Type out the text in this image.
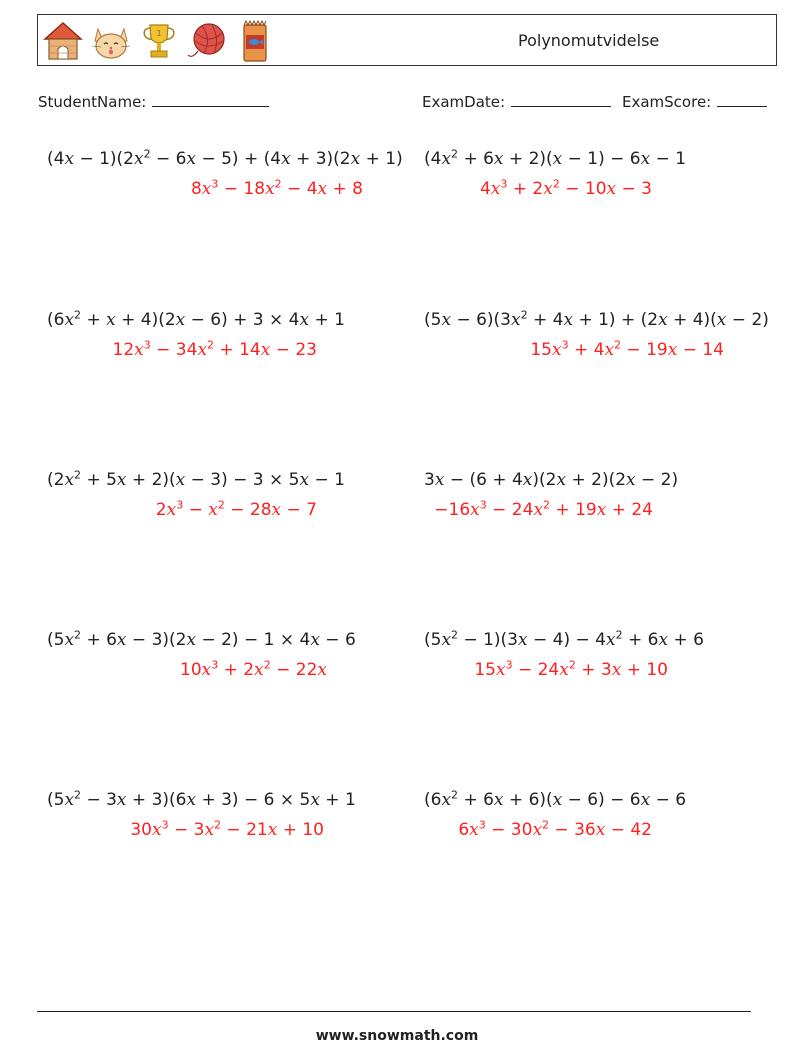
1	Polynomutvidelse
StudentName:	ExamDate:	ExamScore:
$(4x - 1)(2x^2 - 6x - 5) + (4x + 3)(2x + 1)$
$8x^3 - 18x^2 - 4x + 8$
$(4x^2 + 6x + 2)(x - 1) - 6x - 1$
$4x^3 + 2x^2 - 10x - 3$
$(6x^2 + x + 4)(2x - 6) + 3 \times 4x + 1$
$12x^3 - 34x^2 + 14x - 23$
$(5x - 6)(3x^2 + 4x + 1) + (2x + 4)(x - 2)$
$15x^3 + 4x^2 - 19x - 14$
$(2x^2 + 5x + 2)(x - 3) - 3 \times 5x - 1$
$2x^3 - x^2 - 28x - 7$
3x − (6 + 4x)(2x + 2)(2x − 2)
$-16x^3 - 24x^2 + 19x + 24$
$(5x^2 + 6x - 3)(2x - 2) - 1 \times 4x - 6$
$10x^3 + 2x^2 - 22x$
$(5x^2 - 1)(3x - 4) - 4x^2 + 6x + 6$
$15x^3 - 24x^2 + 3x + 10$
$(5x^2 - 3x + 3)(6x + 3) - 6 \times 5x + 1$
$30x^3 - 3x^2 - 21x + 10$
$(6x^2 + 6x + 6)(x - 6) - 6x - 6$
$6x^3 - 30x^2 - 36x - 42$
www.snowmath.com
